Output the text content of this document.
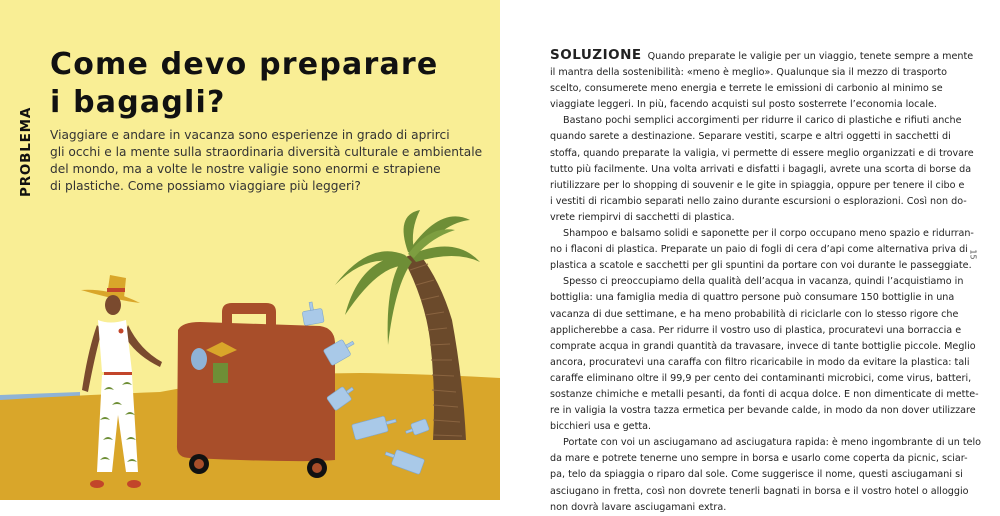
Come devo preparare
i bagagli?
PROBLEMA Viaggiare e andare in vacanza sono esperienze in grado di aprirci
gli occhi e la mente sulla straordinaria diversità culturale e ambientale
del mondo, ma a volte le nostre valigie sono enormi e strapiene
di plastiche. Come possiamo viaggiare più leggeri?
SOLUZIONE Quando preparate le valigie per un viaggio, tenete sempre a mente
il mantra della sostenibilità: «meno è meglio». Qualunque sia il mezzo di trasporto
scelto, consumerete meno energia e terrete le emissioni di carbonio al minimo se
viaggiate leggeri. In più, facendo acquisti sul posto sosterrete l’economia locale.
Bastano pochi semplici accorgimenti per ridurre il carico di plastiche e rifiuti anche
quando sarete a destinazione. Separare vestiti, scarpe e altri oggetti in sacchetti di
stoffa, quando preparate la valigia, vi permette di essere meglio organizzati e di trovare
tutto più facilmente. Una volta arrivati e disfatti i bagagli, avrete una scorta di borse da
riutilizzare per lo shopping di souvenir e le gite in spiaggia, oppure per tenere il cibo e
i vestiti di ricambio separati nello zaino durante escursioni o esplorazioni. Così non do-
vrete riempirvi di sacchetti di plastica.
Shampoo e balsamo solidi e saponette per il corpo occupano meno spazio e ridurran-
no i flaconi di plastica. Preparate un paio di fogli di cera d’api come alternativa priva di
plastica a scatole e sacchetti per gli spuntini da portare con voi durante le passeggiate.
Spesso ci preoccupiamo della qualità dell’acqua in vacanza, quindi l’acquistiamo in
bottiglia: una famiglia media di quattro persone può consumare 150 bottiglie in una
vacanza di due settimane, e ha meno probabilità di riciclarle con lo stesso rigore che
applicherebbe a casa. Per ridurre il vostro uso di plastica, procuratevi una borraccia e
comprate acqua in grandi quantità da travasare, invece di tante bottiglie piccole. Meglio
ancora, procuratevi una caraffa con filtro ricaricabile in modo da evitare la plastica: tali
caraffe eliminano oltre il 99,9 per cento dei contaminanti microbici, come virus, batteri,
sostanze chimiche e metalli pesanti, da fonti di acqua dolce. E non dimenticate di mette-
re in valigia la vostra tazza ermetica per bevande calde, in modo da non dover utilizzare
bicchieri usa e getta.
Portate con voi un asciugamano ad asciugatura rapida: è meno ingombrante di un telo
da mare e potrete tenerne uno sempre in borsa e usarlo come coperta da picnic, sciar-
pa, telo da spiaggia o riparo dal sole. Come suggerisce il nome, questi asciugamani si
asciugano in fretta, così non dovrete tenerli bagnati in borsa e il vostro hotel o alloggio
non dovrà lavare asciugamani extra.
15
